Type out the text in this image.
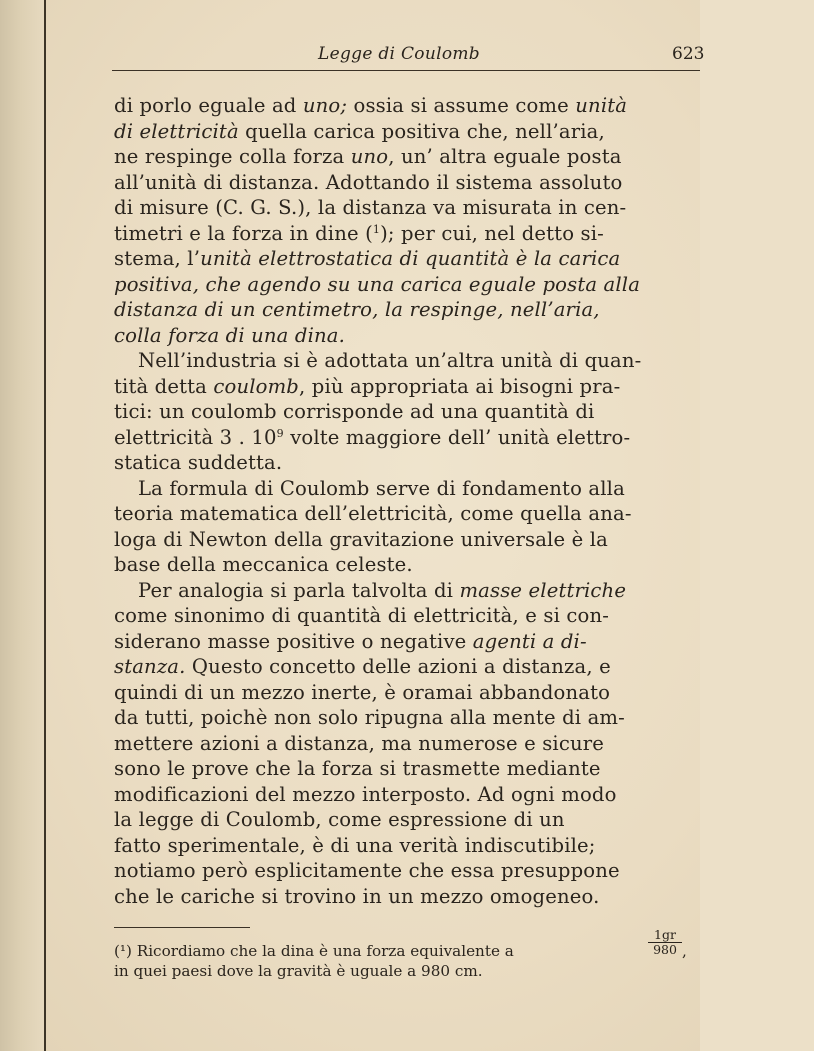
Legge di Coulomb	623
di porlo eguale ad uno; ossia si assume come unità
di elettricità quella carica positiva che, nell’aria,
ne respinge colla forza uno, un’ altra eguale posta
all’unità di distanza. Adottando il sistema assoluto
di misure (C. G. S.), la distanza va misurata in cen-
timetri e la forza in dine ($^1$); per cui, nel detto si-
stema, l’unità elettrostatica di quantità è la carica
positiva, che agendo su una carica eguale posta alla
distanza di un centimetro, la respinge, nell’aria,
colla forza di una dina.
Nell’industria si è adottata un’altra unità di quan-
tità detta coulomb, più appropriata ai bisogni pra-
tici: un coulomb corrisponde ad una quantità di
elettricità 3 . $10^9$ volte maggiore dell’ unità elettro-
statica suddetta.
La formula di Coulomb serve di fondamento alla
teoria matematica dell’elettricità, come quella ana-
loga di Newton della gravitazione universale è la
base della meccanica celeste.
Per analogia si parla talvolta di masse elettriche
come sinonimo di quantità di elettricità, e si con-
siderano masse positive o negative agenti a di-
stanza. Questo concetto delle azioni a distanza, e
quindi di un mezzo inerte, è oramai abbandonato
da tutti, poichè non solo ripugna alla mente di am-
mettere azioni a distanza, ma numerose e sicure
sono le prove che la forza si trasmette mediante
modificazioni del mezzo interposto. Ad ogni modo
la legge di Coulomb, come espressione di un
fatto sperimentale, è di una verità indiscutibile;
notiamo però esplicitamente che essa presuppone
che le cariche si trovino in un mezzo omogeneo.
(¹) Ricordiamo che la dina è una forza equivalente a	$\frac{1gr}{980}$ ,
in quei paesi dove la gravità è uguale a 980 cm.
